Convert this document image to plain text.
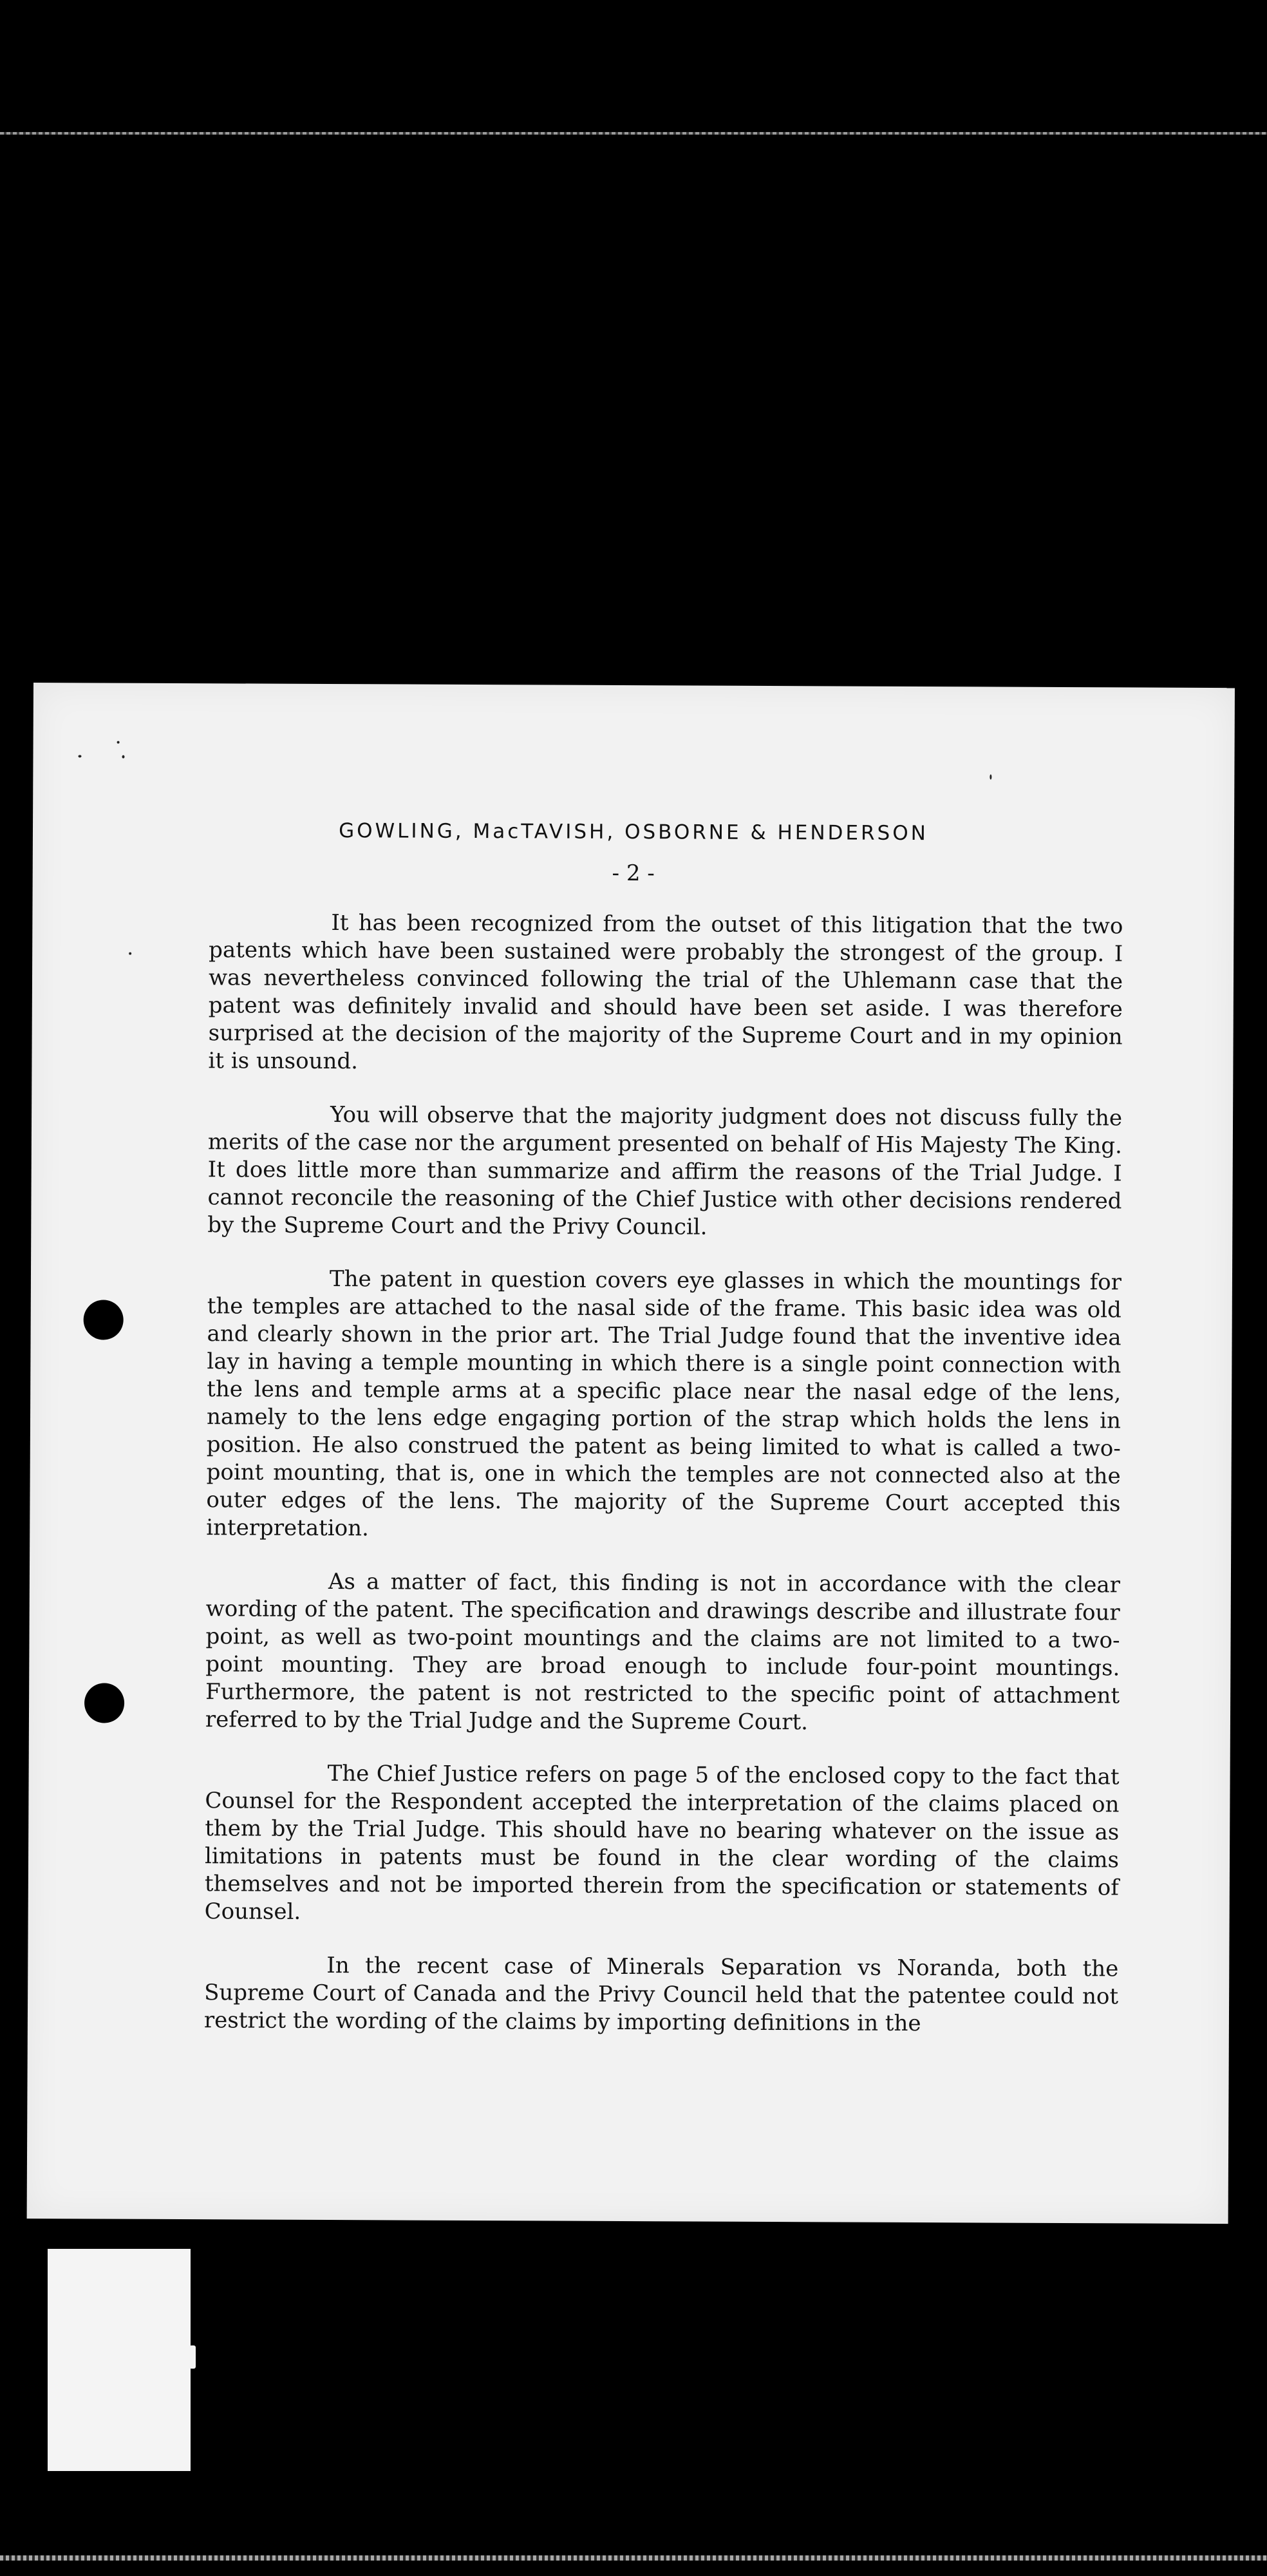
GOWLING, MacTAVISH, OSBORNE & HENDERSON
- 2 -

It has been recognized from the outset of this litigation that the two patents which have been sustained were probably the strongest of the group. I was nevertheless convinced following the trial of the Uhlemann case that the patent was definitely invalid and should have been set aside. I was therefore surprised at the decision of the majority of the Supreme Court and in my opinion it is unsound.

You will observe that the majority judgment does not discuss fully the merits of the case nor the argument presented on behalf of His Majesty The King. It does little more than summarize and affirm the reasons of the Trial Judge. I cannot reconcile the reasoning of the Chief Justice with other decisions rendered by the Supreme Court and the Privy Council.

The patent in question covers eye glasses in which the mountings for the temples are attached to the nasal side of the frame. This basic idea was old and clearly shown in the prior art. The Trial Judge found that the inventive idea lay in having a temple mounting in which there is a single point connection with the lens and temple arms at a specific place near the nasal edge of the lens, namely to the lens edge engaging portion of the strap which holds the lens in position. He also construed the patent as being limited to what is called a two-point mounting, that is, one in which the temples are not connected also at the outer edges of the lens. The majority of the Supreme Court accepted this interpretation.

As a matter of fact, this finding is not in accordance with the clear wording of the patent. The specification and drawings describe and illustrate four point, as well as two-point mountings and the claims are not limited to a two-point mounting. They are broad enough to include four-point mountings. Furthermore, the patent is not restricted to the specific point of attachment referred to by the Trial Judge and the Supreme Court.

The Chief Justice refers on page 5 of the enclosed copy to the fact that Counsel for the Respondent accepted the interpretation of the claims placed on them by the Trial Judge. This should have no bearing whatever on the issue as limitations in patents must be found in the clear wording of the claims themselves and not be imported therein from the specification or statements of Counsel.

In the recent case of Minerals Separation vs Noranda, both the Supreme Court of Canada and the Privy Council held that the patentee could not restrict the wording of the claims by importing definitions in the
